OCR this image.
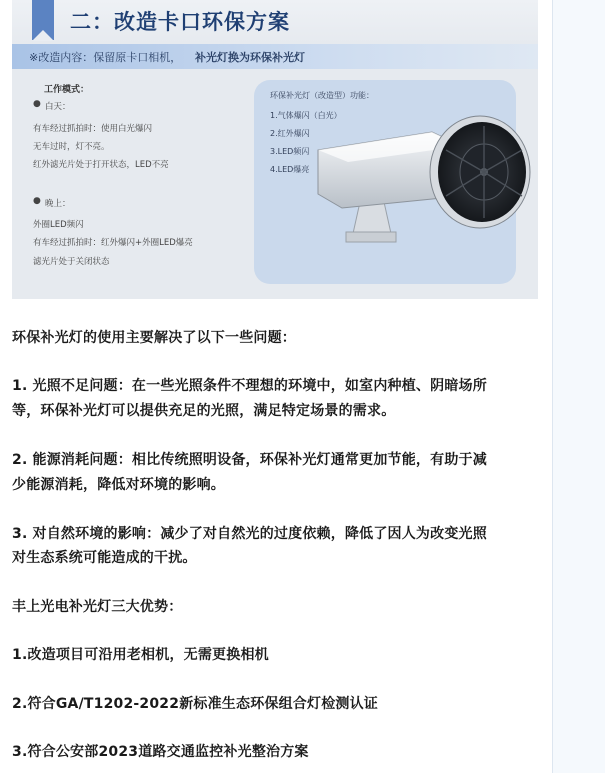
二：改造卡口环保方案
※改造内容：保留原卡口相机， 补光灯换为环保补光灯
工作模式：
● 白天：
有车经过抓拍时：使用白光爆闪
无车过时，灯不亮。
红外滤光片处于打开状态，LED不亮
● 晚上：
外圈LED频闪
有车经过抓拍时：红外爆闪+外圈LED爆亮
滤光片处于关闭状态
环保补光灯（改造型）功能：
1.气体爆闪（白光）
2.红外爆闪
3.LED频闪
4.LED爆亮
环保补光灯的使用主要解决了以下一些问题：
1. 光照不足问题：在一些光照条件不理想的环境中，如室内种植、阴暗场所
等，环保补光灯可以提供充足的光照，满足特定场景的需求。
2. 能源消耗问题：相比传统照明设备，环保补光灯通常更加节能，有助于减
少能源消耗，降低对环境的影响。
3. 对自然环境的影响：减少了对自然光的过度依赖，降低了因人为改变光照
对生态系统可能造成的干扰。
丰上光电补光灯三大优势：
1.改造项目可沿用老相机，无需更换相机
2.符合GA/T1202-2022新标准生态环保组合灯检测认证
3.符合公安部2023道路交通监控补光整治方案
